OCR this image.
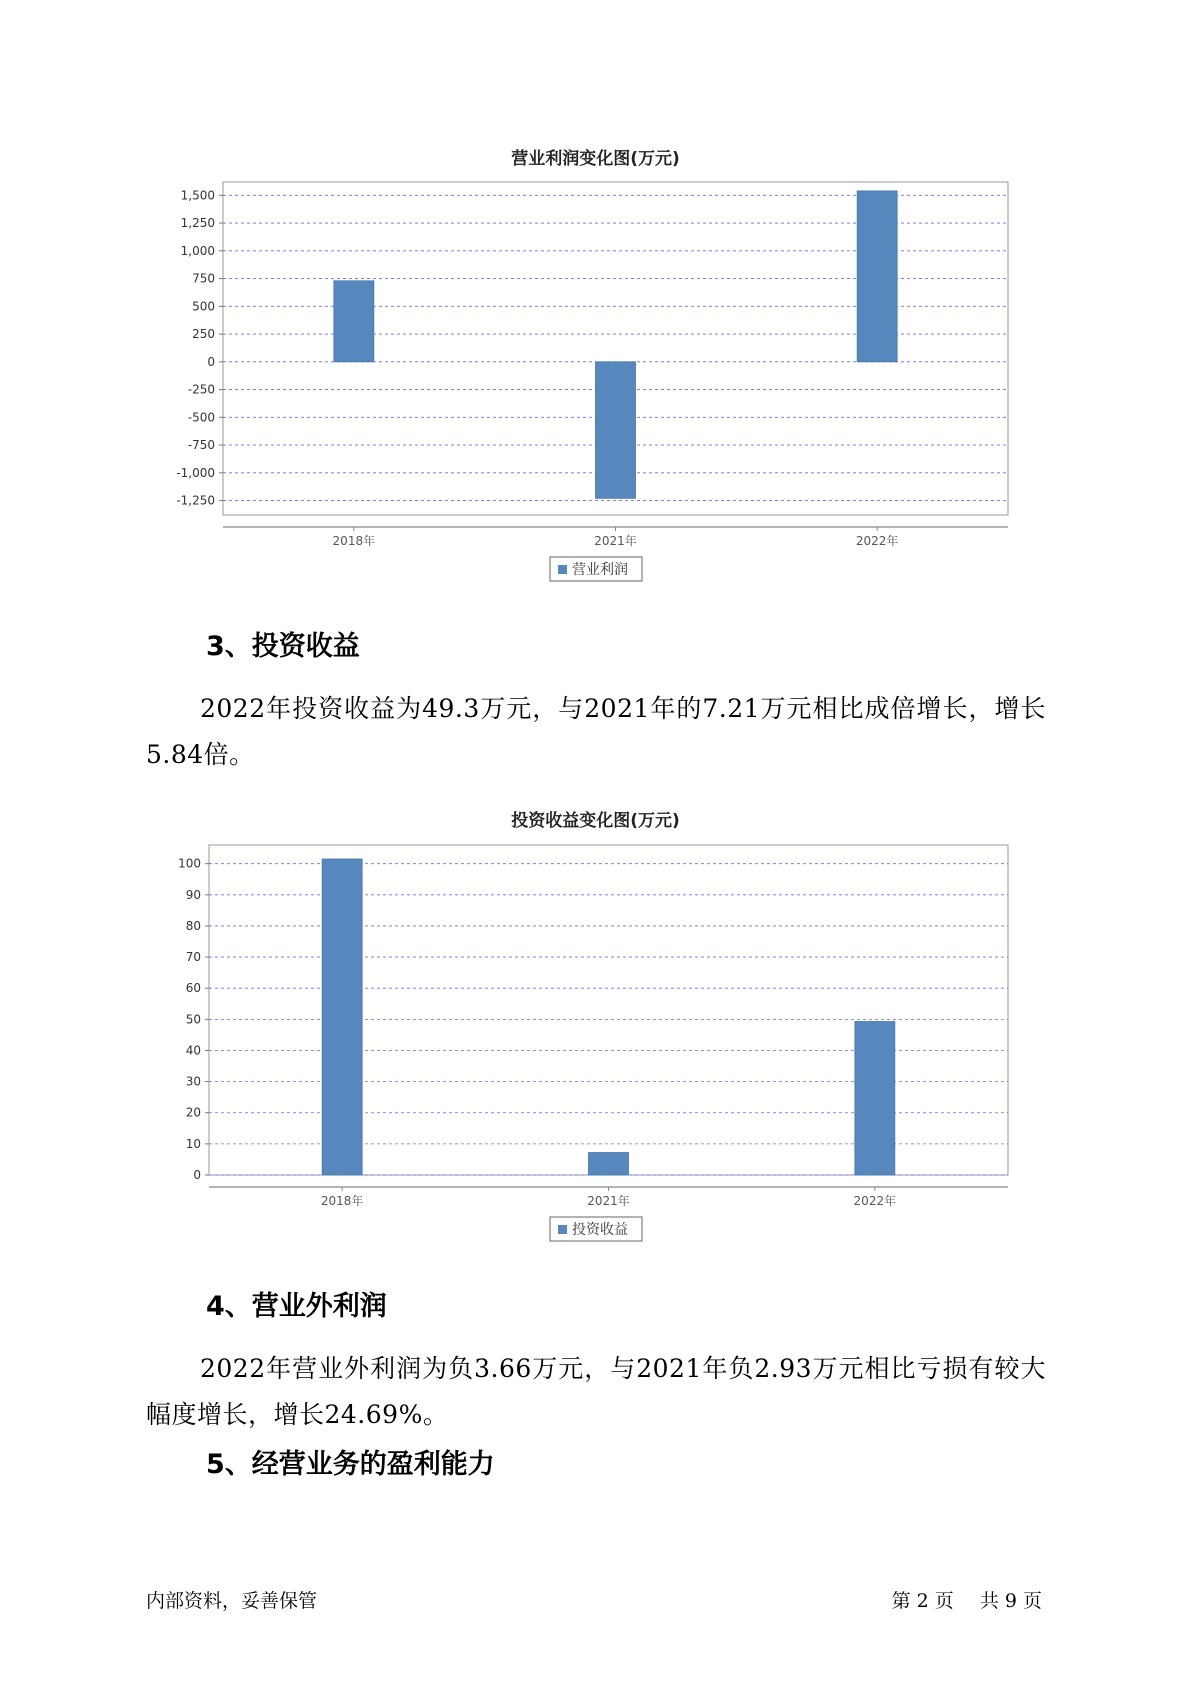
营业利润变化图(万元)
1,500
1,250
1,000
750
500
250
0
-250
-500
-750
-1,000
-1,250
2018年	2021年	2022年
营业利润
3、投资收益
2022年投资收益为49.3万元，与2021年的7.21万元相比成倍增长，增长5.84倍。
投资收益变化图(万元)
100
90
80
70
60
50
40
30
20
10
0
2018年	2021年	2022年
投资收益
4、营业外利润
2022年营业外利润为负3.66万元，与2021年负2.93万元相比亏损有较大幅度增长，增长24.69%。
5、经营业务的盈利能力
内部资料，妥善保管	第 2 页 共 9 页
